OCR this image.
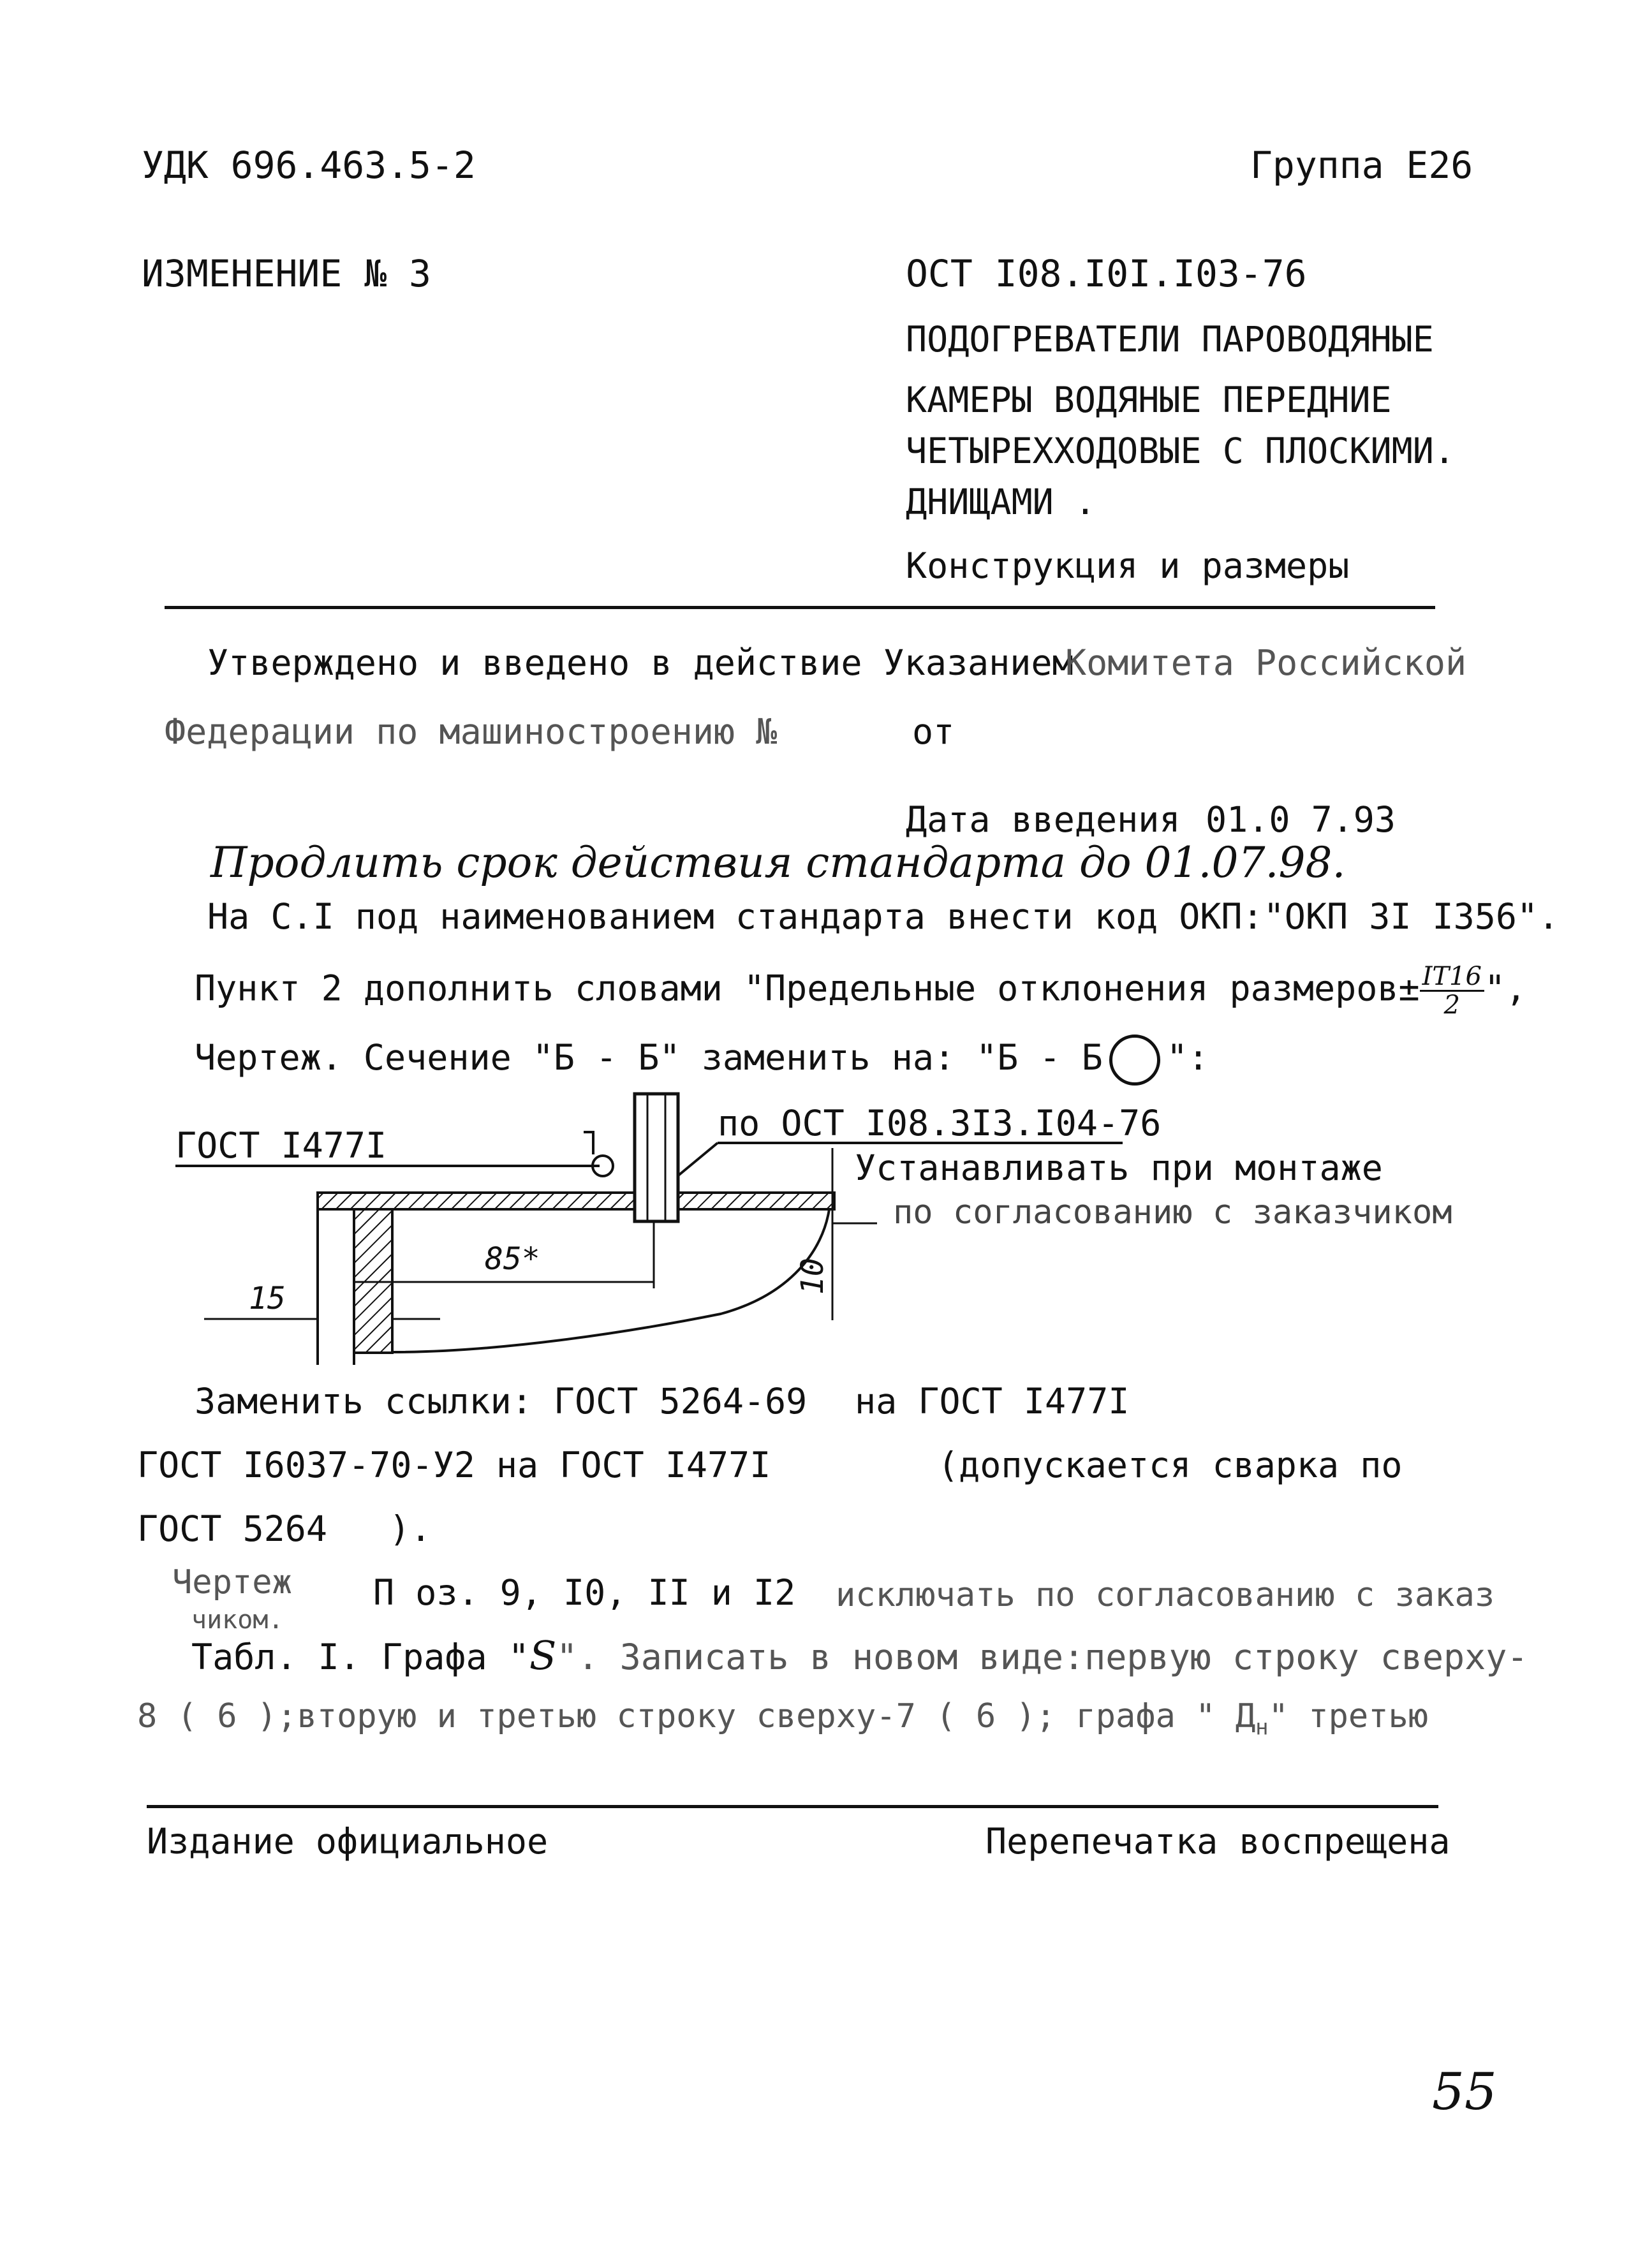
УДК 696.463.5-2	Группа Е26
ИЗМЕНЕНИЕ № 3	ОСТ I08.I0I.I03-76
ПОДОГРЕВАТЕЛИ ПАРОВОДЯНЫЕ
КАМЕРЫ ВОДЯНЫЕ ПЕРЕДНИЕ
ЧЕТЫРЕХХОДОВЫЕ С ПЛОСКИМИ.
ДНИЩАМИ .
Конструкция и размеры
Утверждено и введено в действие Указанием
Комитета Российской
Федерации по машиностроению №	от
Дата введения 01.0 7.93
Продлить срок действия стандарта до 01.07.98.
На С.I под наименованием стандарта внести код ОКП:"ОКП 3I I356".
Пункт 2 дополнить словами "Предельные отклонения размеров± $\frac{IT16}{2}$ ",
Чертеж. Сечение "Б - Б" заменить на: "Б - Б ":
ГОСТ I477I
по ОСТ I08.3I3.I04-76
Устанавливать при монтаже
по согласованию с заказчиком
85*
15
10
Заменить ссылки: ГОСТ 5264-69 на ГОСТ I477I
ГОСТ I6037-70-У2 на ГОСТ I477I	(допускается сварка по
ГОСТ 5264 ).
Чертеж П оз. 9, I0, II и I2 исключать по согласованию с заказ
чиком.
Табл. I. Графа "S". Записать в новом виде:первую строку сверху-
8 ( 6 );вторую и третью строку сверху-7 ( 6 ); графа " $Д_н$" третью
Издание официальное	Перепечатка воспрещена
55
